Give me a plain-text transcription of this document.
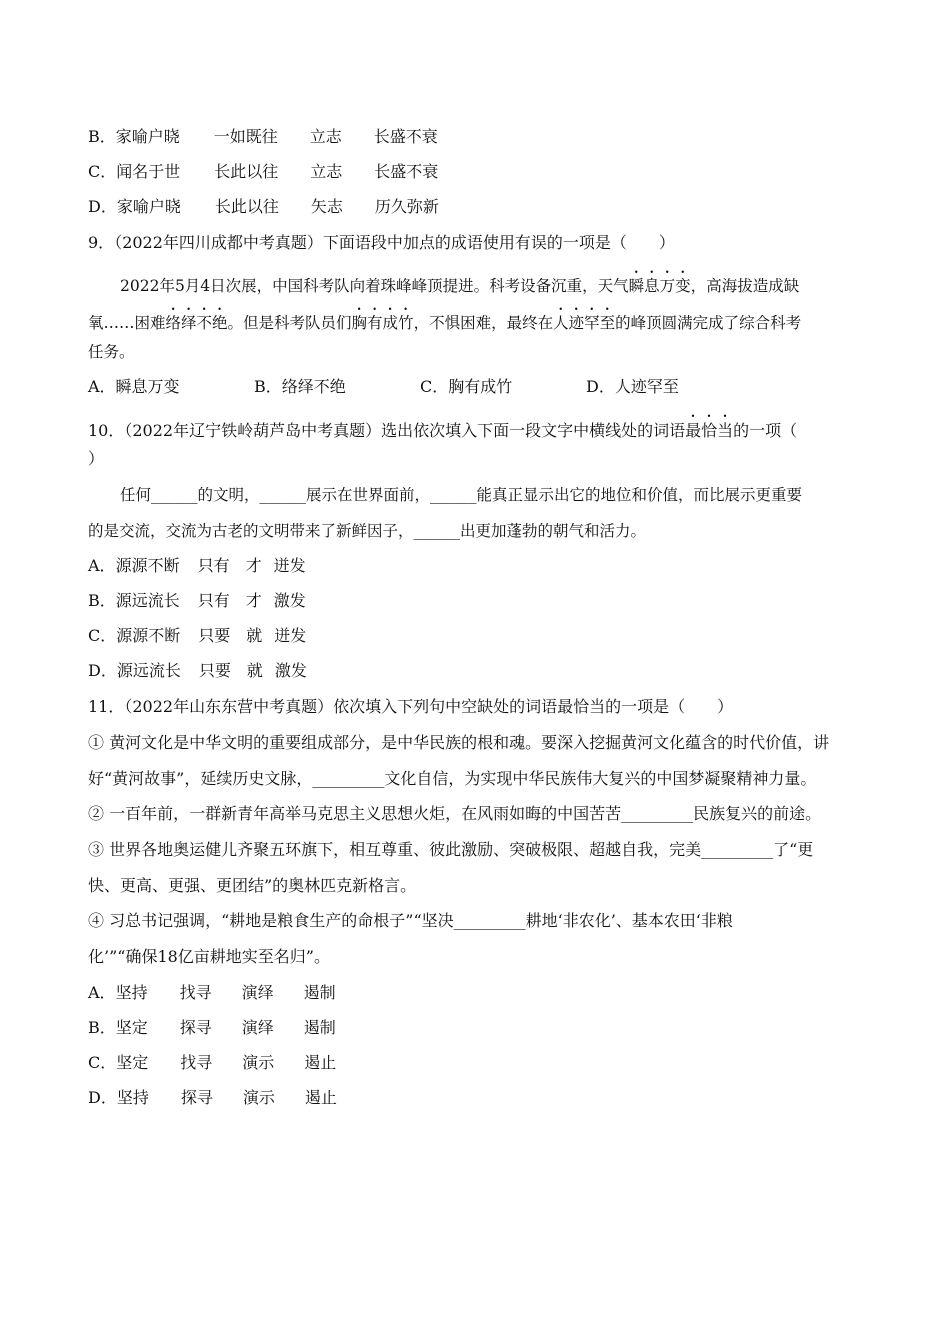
B．家喻户晓 一如既往 立志 长盛不衰
C．闻名于世 长此以往 立志 长盛不衰
D．家喻户晓 长此以往 矢志 历久弥新
9．（2022年四川成都中考真题）下面语段中加点的成语使用有误的一项是（　　）
2022年5月4日次展，中国科考队向着珠峰峰顶提进。科考设备沉重，天气瞬息万变，高海拔造成缺
氧……困难络绎不绝。但是科考队员们胸有成竹，不惧困难，最终在人迹罕至的峰顶圆满完成了综合科考
任务。
A．瞬息万变	B．络绎不绝	C．胸有成竹	D．人迹罕至
10．（2022年辽宁铁岭葫芦岛中考真题）选出依次填入下面一段文字中横线处的词语最恰当的一项（
）
任何______的文明，______展示在世界面前，______能真正显示出它的地位和价值，而比展示更重要
的是交流，交流为古老的文明带来了新鲜因子，______出更加蓬勃的朝气和活力。
A．源源不断 只有 才 迸发
B．源远流长 只有 才 激发
C．源源不断 只要 就 迸发
D．源远流长 只要 就 激发
11．（2022年山东东营中考真题）依次填入下列句中空缺处的词语最恰当的一项是（　　）
① 黄河文化是中华文明的重要组成部分，是中华民族的根和魂。要深入挖掘黄河文化蕴含的时代价值，讲
好“黄河故事”，延续历史文脉，_________文化自信，为实现中华民族伟大复兴的中国梦凝聚精神力量。
② 一百年前，一群新青年高举马克思主义思想火炬，在风雨如晦的中国苦苦_________民族复兴的前途。
③ 世界各地奥运健儿齐聚五环旗下，相互尊重、彼此激励、突破极限、超越自我，完美_________了“更
快、更高、更强、更团结”的奥林匹克新格言。
④ 习总书记强调，“耕地是粮食生产的命根子”“坚决_________耕地‘非农化’、基本农田‘非粮
化’”“确保18亿亩耕地实至名归”。
A．坚持 找寻 演绎 遏制
B．坚定 探寻 演绎 遏制
C．坚定 找寻 演示 遏止
D．坚持 探寻 演示 遏止
